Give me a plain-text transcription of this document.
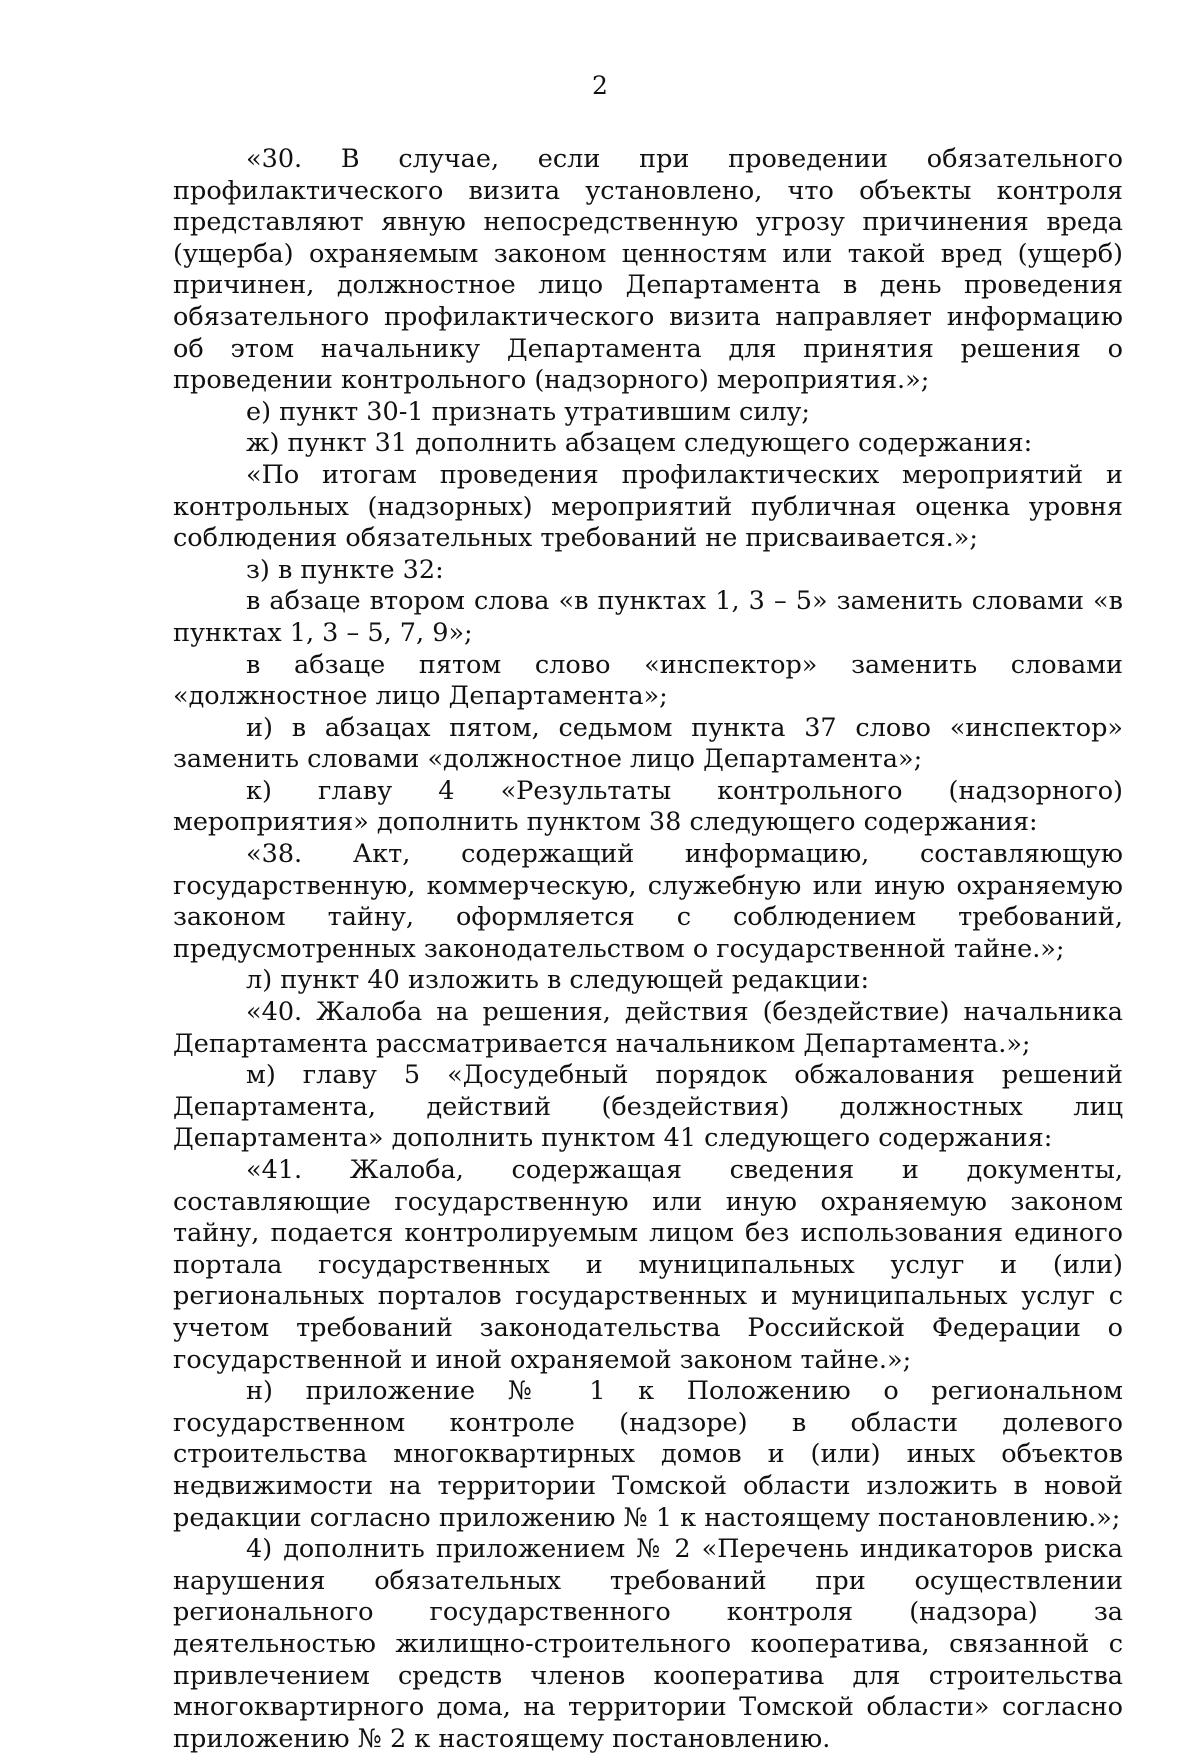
2

«30. В случае, если при проведении обязательного профилактического визита установлено, что объекты контроля представляют явную непосредственную угрозу причинения вреда (ущерба) охраняемым законом ценностям или такой вред (ущерб) причинен, должностное лицо Департамента в день проведения обязательного профилактического визита направляет информацию об этом начальнику Департамента для принятия решения о проведении контрольного (надзорного) мероприятия.»;

е) пункт 30-1 признать утратившим силу;

ж) пункт 31 дополнить абзацем следующего содержания:

«По итогам проведения профилактических мероприятий и контрольных (надзорных) мероприятий публичная оценка уровня соблюдения обязательных требований не присваивается.»;

з) в пункте 32:

в абзаце втором слова «в пунктах 1, 3 – 5» заменить словами «в пунктах 1, 3 – 5, 7, 9»;

в абзаце пятом слово «инспектор» заменить словами «должностное лицо Департамента»;

и) в абзацах пятом, седьмом пункта 37 слово «инспектор» заменить словами «должностное лицо Департамента»;

к) главу 4 «Результаты контрольного (надзорного) мероприятия» дополнить пунктом 38 следующего содержания:

«38. Акт, содержащий информацию, составляющую государственную, коммерческую, служебную или иную охраняемую законом тайну, оформляется с соблюдением требований, предусмотренных законодательством о государственной тайне.»;

л) пункт 40 изложить в следующей редакции:

«40. Жалоба на решения, действия (бездействие) начальника Департамента рассматривается начальником Департамента.»;

м) главу 5 «Досудебный порядок обжалования решений Департамента, действий (бездействия) должностных лиц Департамента» дополнить пунктом 41 следующего содержания:

«41. Жалоба, содержащая сведения и документы, составляющие государственную или иную охраняемую законом тайну, подается контролируемым лицом без использования единого портала государственных и муниципальных услуг и (или) региональных порталов государственных и муниципальных услуг с учетом требований законодательства Российской Федерации о государственной и иной охраняемой законом тайне.»;

н) приложение № 1 к Положению о региональном государственном контроле (надзоре) в области долевого строительства многоквартирных домов и (или) иных объектов недвижимости на территории Томской области изложить в новой редакции согласно приложению № 1 к настоящему постановлению.»;

4) дополнить приложением № 2 «Перечень индикаторов риска нарушения обязательных требований при осуществлении регионального государственного контроля (надзора) за деятельностью жилищно-строительного кооператива, связанной с привлечением средств членов кооператива для строительства многоквартирного дома, на территории Томской области» согласно приложению № 2 к настоящему постановлению.
